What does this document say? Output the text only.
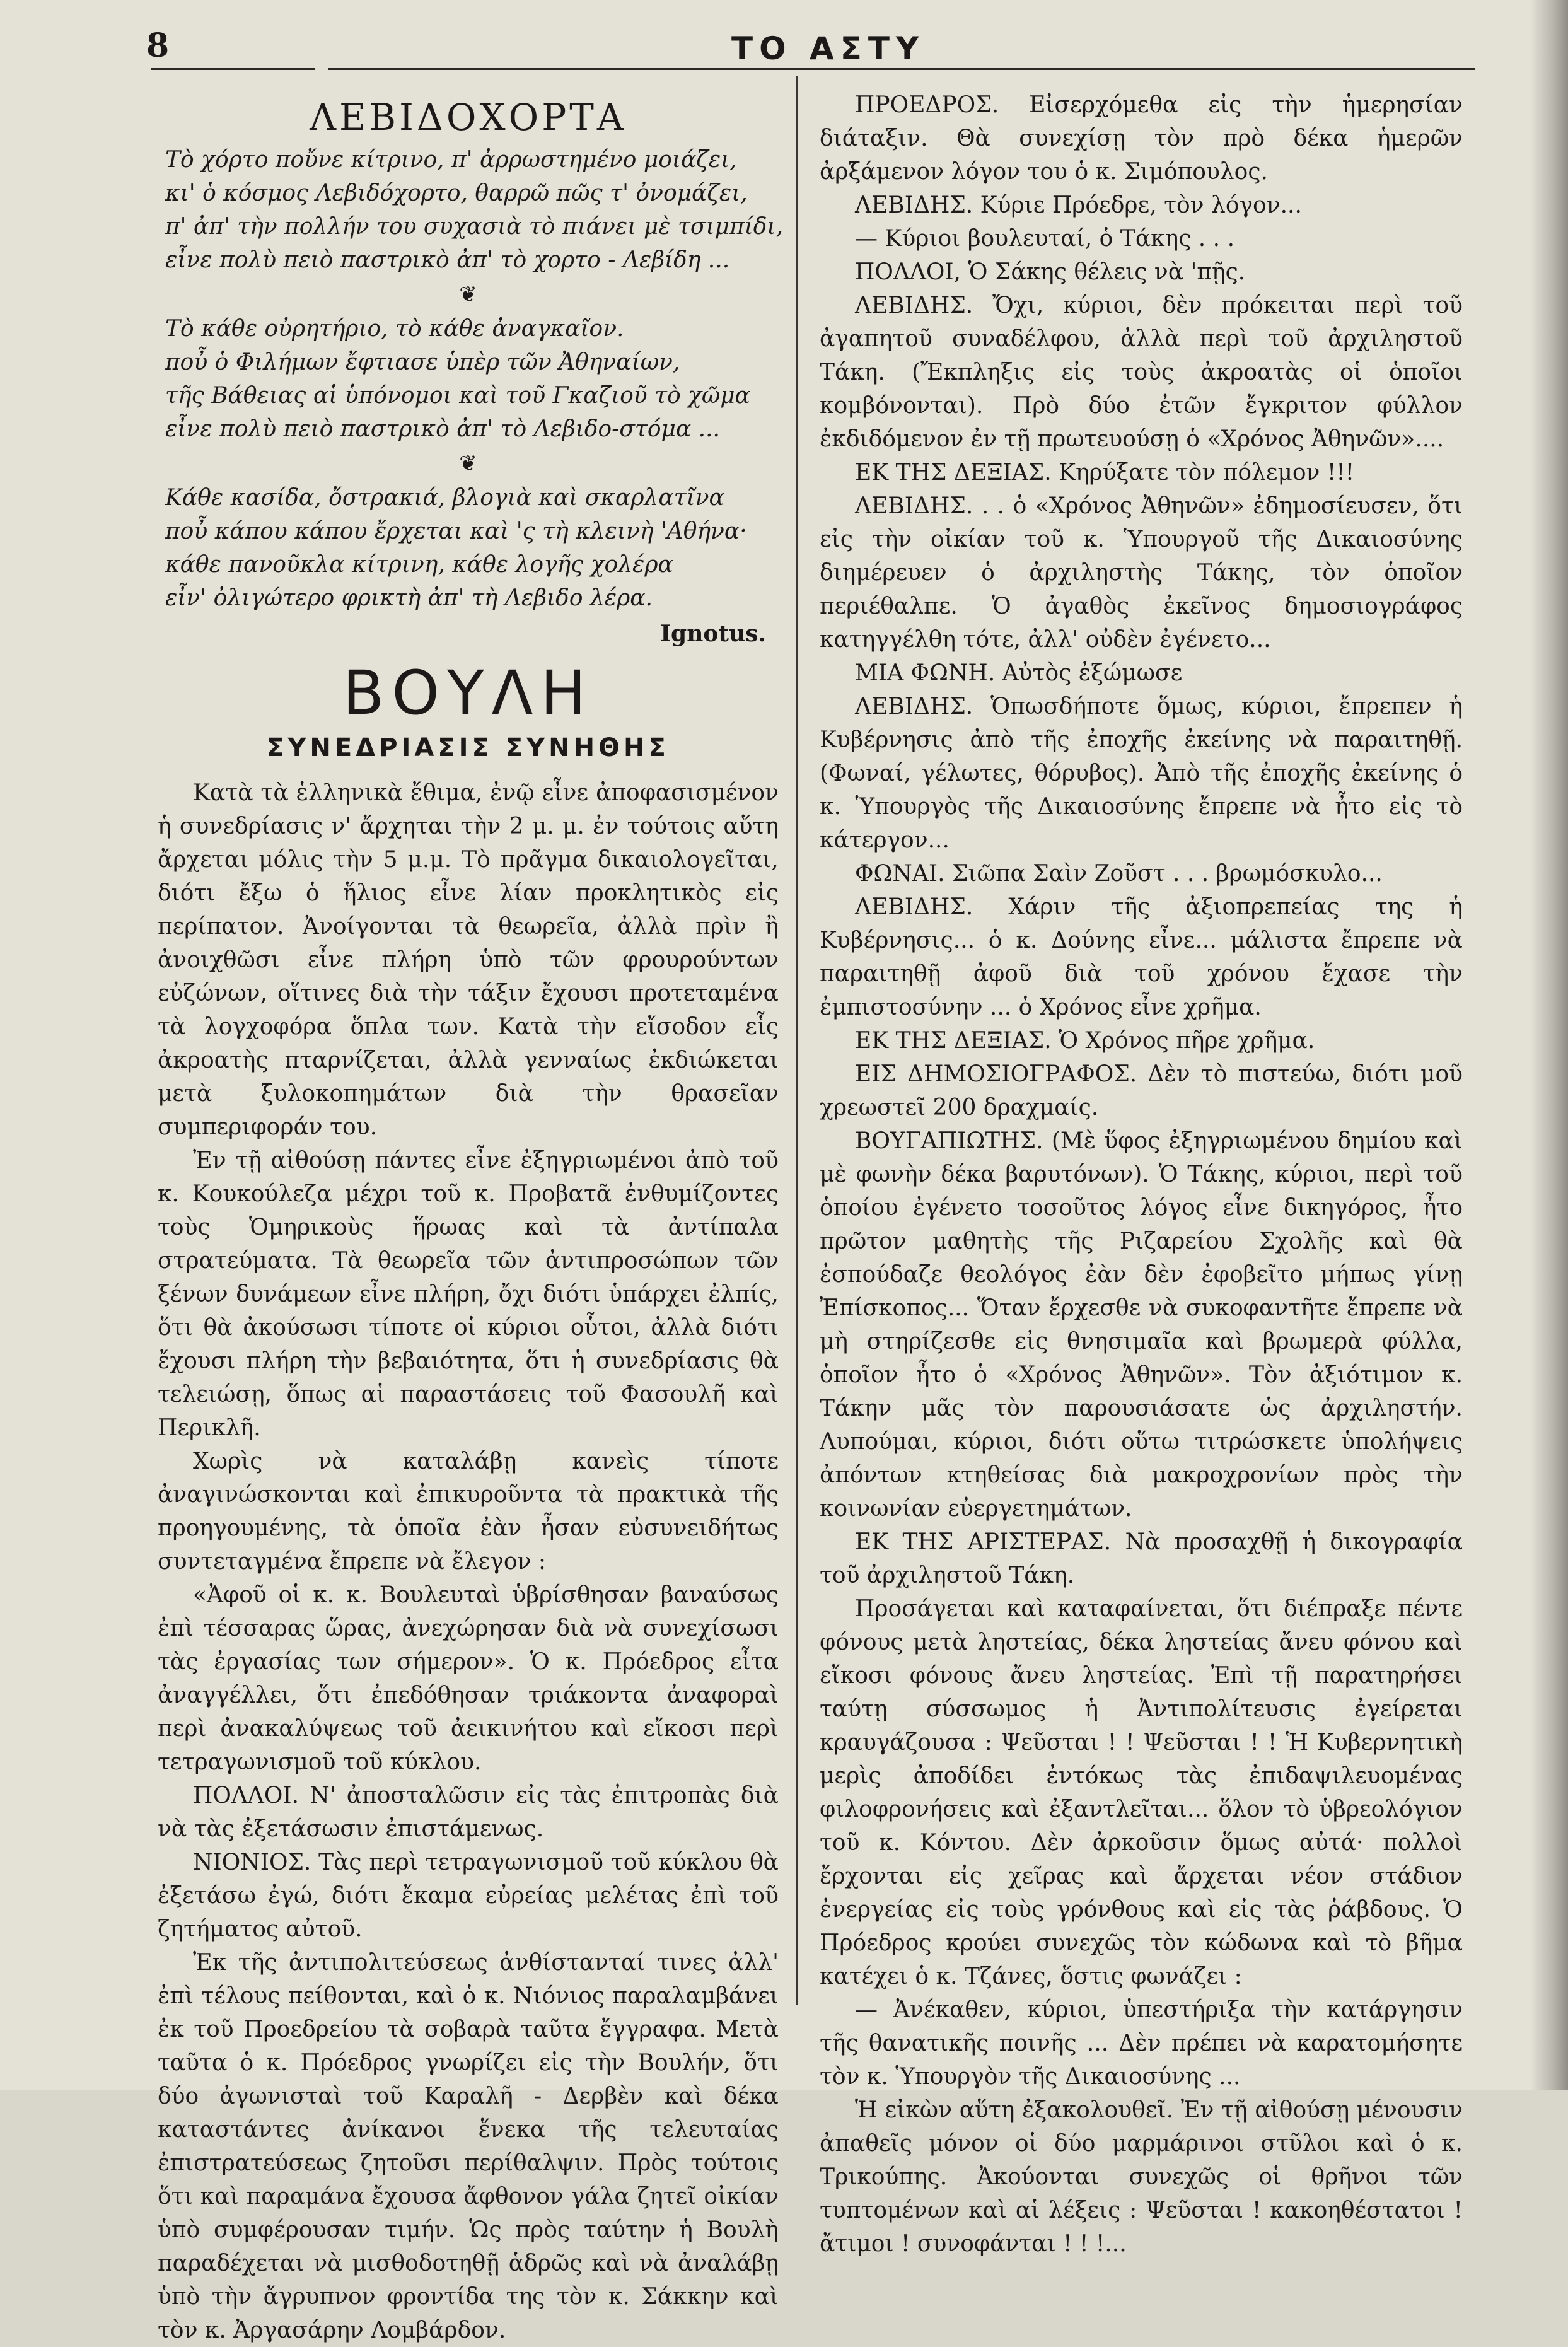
8	ΤΟ ΑΣΤΥ
ΛΕΒΙΔΟΧΟΡΤΑ
Τὸ χόρτο ποὔνε κίτρινο, π' ἀρρωστημένο μοιάζει,
κι' ὁ κόσμος Λεβιδόχορτο, θαρρῶ πῶς τ' ὀνομάζει,
π' ἀπ' τὴν πολλήν του συχασιὰ τὸ πιάνει μὲ τσιμπίδι,
εἶνε πολὺ πειὸ παστρικὸ ἀπ' τὸ χορτο - Λεβίδη ...
❦
Τὸ κάθε οὐρητήριο, τὸ κάθε ἀναγκαῖον.
ποὖ ὁ Φιλήμων ἔφτιασε ὑπὲρ τῶν Ἀθηναίων,
τῆς Βάθειας αἱ ὑπόνομοι καὶ τοῦ Γκαζιοῦ τὸ χῶμα
εἶνε πολὺ πειὸ παστρικὸ ἀπ' τὸ Λεβιδο-στόμα ...
❦
Κάθε κασίδα, ὄστρακιά, βλογιὰ καὶ σκαρλατῖνα
ποὖ κάπου κάπου ἔρχεται καὶ 'ς τὴ κλεινὴ 'Αθήνα·
κάθε πανοῦκλα κίτρινη, κάθε λογῆς χολέρα
εἶν' ὀλιγώτερο φρικτὴ ἀπ' τὴ Λεβιδο λέρα.
Ignotus.
ΒΟΥΛΗ
ΣΥΝΕΔΡΙΑΣΙΣ ΣΥΝΗΘΗΣ

Κατὰ τὰ ἑλληνικὰ ἔθιμα, ἐνῷ εἶνε ἀποφασισμένον ἡ συνεδρίασις ν' ἄρχηται τὴν 2 μ. μ. ἐν τούτοις αὕτη ἄρχεται μόλις τὴν 5 μ.μ. Τὸ πρᾶγμα δικαιολογεῖται, διότι ἔξω ὁ ἥλιος εἶνε λίαν προκλητικὸς εἰς περίπατον. Ἀνοίγονται τὰ θεωρεῖα, ἀλλὰ πρὶν ἢ ἀνοιχθῶσι εἶνε πλήρη ὑπὸ τῶν φρουρούντων εὐζώνων, οἵτινες διὰ τὴν τάξιν ἔχουσι προτεταμένα τὰ λογχοφόρα ὅπλα των. Κατὰ τὴν εἴσοδον εἷς ἀκροατὴς πταρνίζεται, ἀλλὰ γενναίως ἐκδιώκεται μετὰ ξυλοκοπημάτων διὰ τὴν θρασεῖαν συμπεριφοράν του.

Ἐν τῇ αἰθούσῃ πάντες εἶνε ἐξηγριωμένοι ἀπὸ τοῦ κ. Κουκούλεζα μέχρι τοῦ κ. Προβατᾶ ἐνθυμίζοντες τοὺς Ὁμηρικοὺς ἥρωας καὶ τὰ ἀντίπαλα στρατεύματα. Τὰ θεωρεῖα τῶν ἀντιπροσώπων τῶν ξένων δυνάμεων εἶνε πλήρη, ὄχι διότι ὑπάρχει ἐλπίς, ὅτι θὰ ἀκούσωσι τίποτε οἱ κύριοι οὗτοι, ἀλλὰ διότι ἔχουσι πλήρη τὴν βεβαιότητα, ὅτι ἡ συνεδρίασις θὰ τελειώσῃ, ὅπως αἱ παραστάσεις τοῦ Φασουλῆ καὶ Περικλῆ.

Χωρὶς νὰ καταλάβῃ κανεὶς τίποτε ἀναγινώσκονται καὶ ἐπικυροῦντα τὰ πρακτικὰ τῆς προηγουμένης, τὰ ὁποῖα ἐὰν ἦσαν εὐσυνειδήτως συντεταγμένα ἔπρεπε νὰ ἔλεγον :

«Ἀφοῦ οἱ κ. κ. Βουλευταὶ ὑβρίσθησαν βαναύσως ἐπὶ τέσσαρας ὥρας, ἀνεχώρησαν διὰ νὰ συνεχίσωσι τὰς ἐργασίας των σήμερον». Ὁ κ. Πρόεδρος εἶτα ἀναγγέλλει, ὅτι ἐπεδόθησαν τριάκοντα ἀναφοραὶ περὶ ἀνακαλύψεως τοῦ ἀεικινήτου καὶ εἴκοσι περὶ τετραγωνισμοῦ τοῦ κύκλου.

ΠΟΛΛΟΙ. Ν' ἀποσταλῶσιν εἰς τὰς ἐπιτροπὰς διὰ νὰ τὰς ἐξετάσωσιν ἐπιστάμενως.

ΝΙΟΝΙΟΣ. Τὰς περὶ τετραγωνισμοῦ τοῦ κύκλου θὰ ἐξετάσω ἐγώ, διότι ἔκαμα εὐρείας μελέτας ἐπὶ τοῦ ζητήματος αὐτοῦ.

Ἐκ τῆς ἀντιπολιτεύσεως ἀνθίστανταί τινες ἀλλ' ἐπὶ τέλους πείθονται, καὶ ὁ κ. Νιόνιος παραλαμβάνει ἐκ τοῦ Προεδρείου τὰ σοβαρὰ ταῦτα ἔγγραφα. Μετὰ ταῦτα ὁ κ. Πρόεδρος γνωρίζει εἰς τὴν Βουλήν, ὅτι δύο ἀγωνισταὶ τοῦ Καραλῆ - Δερβὲν καὶ δέκα καταστάντες ἀνίκανοι ἕνεκα τῆς τελευταίας ἐπιστρατεύσεως ζητοῦσι περίθαλψιν. Πρὸς τούτοις ὅτι καὶ παραμάνα ἔχουσα ἄφθονον γάλα ζητεῖ οἰκίαν ὑπὸ συμφέρουσαν τιμήν. Ὡς πρὸς ταύτην ἡ Βουλὴ παραδέχεται νὰ μισθοδοτηθῇ ἁδρῶς καὶ νὰ ἀναλάβῃ ὑπὸ τὴν ἄγρυπνον φροντίδα της τὸν κ. Σάκκην καὶ τὸν κ. Ἀργασάρην Λομβάρδον.

ΠΡΟΕΔΡΟΣ. Εἰσερχόμεθα εἰς τὴν ἡμερησίαν διάταξιν. Θὰ συνεχίσῃ τὸν πρὸ δέκα ἡμερῶν ἀρξάμενον λόγον του ὁ κ. Σιμόπουλος.

ΛΕΒΙΔΗΣ. Κύριε Πρόεδρε, τὸν λόγον...

— Κύριοι βουλευταί, ὁ Τάκης . . .

ΠΟΛΛΟΙ, Ὁ Σάκης θέλεις νὰ 'πῇς.

ΛΕΒΙΔΗΣ. Ὄχι, κύριοι, δὲν πρόκειται περὶ τοῦ ἀγαπητοῦ συναδέλφου, ἀλλὰ περὶ τοῦ ἀρχιληστοῦ Τάκη. (Ἔκπληξις εἰς τοὺς ἀκροατὰς οἱ ὁποῖοι κομβόνονται). Πρὸ δύο ἐτῶν ἔγκριτον φύλλον ἐκδιδόμενον ἐν τῇ πρωτευούσῃ ὁ «Χρόνος Ἀθηνῶν»....

ΕΚ ΤΗΣ ΔΕΞΙΑΣ. Κηρύξατε τὸν πόλεμον !!!

ΛΕΒΙΔΗΣ. . . ὁ «Χρόνος Ἀθηνῶν» ἐδημοσίευσεν, ὅτι εἰς τὴν οἰκίαν τοῦ κ. Ὑπουργοῦ τῆς Δικαιοσύνης διημέρευεν ὁ ἀρχιληστὴς Τάκης, τὸν ὁποῖον περιέθαλπε. Ὁ ἀγαθὸς ἐκεῖνος δημοσιογράφος κατηγγέλθη τότε, ἀλλ' οὐδὲν ἐγένετο...

ΜΙΑ ΦΩΝΗ. Αὐτὸς ἐξώμωσε

ΛΕΒΙΔΗΣ. Ὁπωσδήποτε ὅμως, κύριοι, ἔπρεπεν ἡ Κυβέρνησις ἀπὸ τῆς ἐποχῆς ἐκείνης νὰ παραιτηθῇ. (Φωναί, γέλωτες, θόρυβος). Ἀπὸ τῆς ἐποχῆς ἐκείνης ὁ κ. Ὑπουργὸς τῆς Δικαιοσύνης ἔπρεπε νὰ ἦτο εἰς τὸ κάτεργον...

ΦΩΝΑΙ. Σιῶπα Σαὶν Ζοῦστ . . . βρωμόσκυλο...

ΛΕΒΙΔΗΣ. Χάριν τῆς ἀξιοπρεπείας της ἡ Κυβέρνησις... ὁ κ. Δούνης εἶνε... μάλιστα ἔπρεπε νὰ παραιτηθῇ ἀφοῦ διὰ τοῦ χρόνου ἔχασε τὴν ἐμπιστοσύνην ... ὁ Χρόνος εἶνε χρῆμα.

ΕΚ ΤΗΣ ΔΕΞΙΑΣ. Ὁ Χρόνος πῆρε χρῆμα.

ΕΙΣ ΔΗΜΟΣΙΟΓΡΑΦΟΣ. Δὲν τὸ πιστεύω, διότι μοῦ χρεωστεῖ 200 δραχμαίς.

ΒΟΥΓΑΠΙΩΤΗΣ. (Μὲ ὕφος ἐξηγριωμένου δημίου καὶ μὲ φωνὴν δέκα βαρυτόνων). Ὁ Τάκης, κύριοι, περὶ τοῦ ὁποίου ἐγένετο τοσοῦτος λόγος εἶνε δικηγόρος, ἦτο πρῶτον μαθητὴς τῆς Ριζαρείου Σχολῆς καὶ θὰ ἐσπούδαζε θεολόγος ἐὰν δὲν ἐφοβεῖτο μήπως γίνῃ Ἐπίσκοπος... Ὅταν ἔρχεσθε νὰ συκοφαντῆτε ἔπρεπε νὰ μὴ στηρίζεσθε εἰς θνησιμαῖα καὶ βρωμερὰ φύλλα, ὁποῖον ἦτο ὁ «Χρόνος Ἀθηνῶν». Τὸν ἀξιότιμον κ. Τάκην μᾶς τὸν παρουσιάσατε ὡς ἀρχιληστήν. Λυπούμαι, κύριοι, διότι οὕτω τιτρώσκετε ὑπολήψεις ἀπόντων κτηθείσας διὰ μακροχρονίων πρὸς τὴν κοινωνίαν εὐεργετημάτων.

ΕΚ ΤΗΣ ΑΡΙΣΤΕΡΑΣ. Νὰ προσαχθῇ ἡ δικογραφία τοῦ ἀρχιληστοῦ Τάκη.

Προσάγεται καὶ καταφαίνεται, ὅτι διέπραξε πέντε φόνους μετὰ ληστείας, δέκα ληστείας ἄνευ φόνου καὶ εἴκοσι φόνους ἄνευ ληστείας. Ἐπὶ τῇ παρατηρήσει ταύτῃ σύσσωμος ἡ Ἀντιπολίτευσις ἐγείρεται κραυγάζουσα : Ψεῦσται ! ! Ψεῦσται ! ! Ἡ Κυβερνητικὴ μερὶς ἀποδίδει ἐντόκως τὰς ἐπιδαψιλευομένας φιλοφρονήσεις καὶ ἐξαντλεῖται... ὅλον τὸ ὑβρεολόγιον τοῦ κ. Κόντου. Δὲν ἀρκοῦσιν ὅμως αὐτά· πολλοὶ ἔρχονται εἰς χεῖρας καὶ ἄρχεται νέον στάδιον ἐνεργείας εἰς τοὺς γρόνθους καὶ εἰς τὰς ῥάβδους. Ὁ Πρόεδρος κρούει συνεχῶς τὸν κώδωνα καὶ τὸ βῆμα κατέχει ὁ κ. Τζάνες, ὅστις φωνάζει :

— Ἀνέκαθεν, κύριοι, ὑπεστήριξα τὴν κατάργησιν τῆς θανατικῆς ποινῆς ... Δὲν πρέπει νὰ καρατομήσητε τὸν κ. Ὑπουργὸν τῆς Δικαιοσύνης ...

Ἡ εἰκὼν αὕτη ἐξακολουθεῖ. Ἐν τῇ αἰθούσῃ μένουσιν ἀπαθεῖς μόνον οἱ δύο μαρμάρινοι στῦλοι καὶ ὁ κ. Τρικούπης. Ἀκούονται συνεχῶς οἱ θρῆνοι τῶν τυπτομένων καὶ αἱ λέξεις : Ψεῦσται ! κακοηθέστατοι ! ἄτιμοι ! συνοφάνται ! ! !...
